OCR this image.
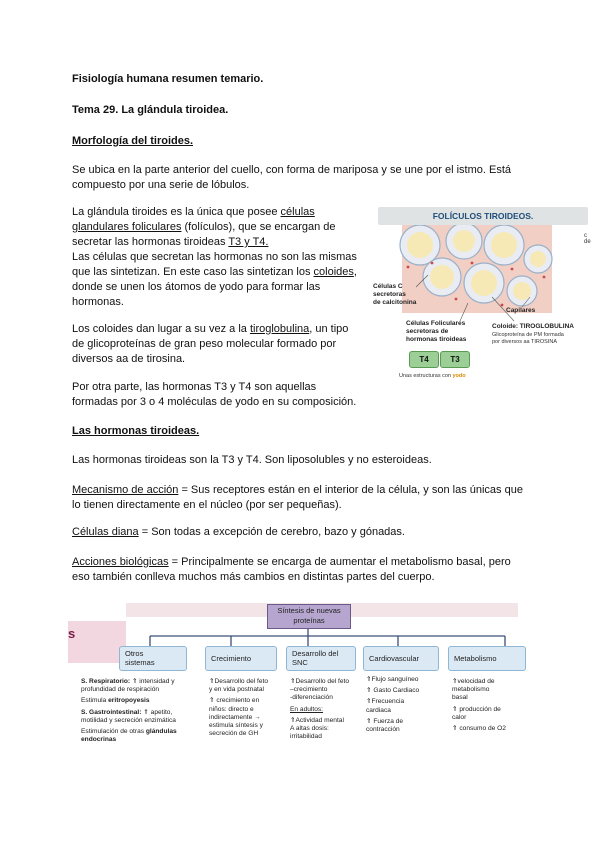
Fisiología humana resumen temario.
Tema 29. La glándula tiroidea.
Morfología del tiroides.
Se ubica en la parte anterior del cuello, con forma de mariposa y se une por el istmo. Está
compuesto por una serie de lóbulos.
La glándula tiroides es la única que posee células
glandulares foliculares (folículos), que se encargan de
secretar las hormonas tiroideas T3 y T4.
Las células que secretan las hormonas no son las mismas
que las sintetizan. En este caso las sintetizan los coloides,
donde se unen los átomos de yodo para formar las
hormonas.
Los coloides dan lugar a su vez a la tiroglobulina, un tipo
de glicoproteínas de gran peso molecular formado por
diversos aa de tirosina.
Por otra parte, las hormonas T3 y T4 son aquellas
formadas por 3 o 4 moléculas de yodo en su composición.
FOLÍCULOS TIROIDEOS.
Células C
secretoras
de calcitonina
Capilares
Células Foliculares
secretoras de
hormonas tiroideas
Coloide: TIROGLOBULINA
Glicoproteína de PM formada
por diversos aa TIROSINA
T4	T3
Unas estructuras con yodo
c
de
Las hormonas tiroideas.
Las hormonas tiroideas son la T3 y T4. Son liposolubles y no esteroideas.
Mecanismo de acción = Sus receptores están en el interior de la célula, y son las únicas que
lo tienen directamente en el núcleo (por ser pequeñas).
Células diana = Son todas a excepción de cerebro, bazo y gónadas.
Acciones biológicas = Principalmente se encarga de aumentar el metabolismo basal, pero
eso también conlleva muchos más cambios en distintas partes del cuerpo.
s
Síntesis de nuevas
proteínas
Otros
sistemas	Crecimiento
Desarrollo del
SNC	Cardiovascular	Metabolismo
S. Respiratorio: ⇑ intensidad y
profundidad de respiración
Estimula eritropoyesis
S. Gastrointestinal: ⇑ apetito,
motilidad y secreción enzimática
Estimulación de otras glándulas
endocrinas
⇑Desarrollo del feto
y en vida postnatal
⇑ crecimiento en
niños: directo e
indirectamente →
estimula síntesis y
secreción de GH
⇑Desarrollo del feto
–crecimiento
-diferenciación
En adultos:
⇑Actividad mental
A altas dosis:
irritabilidad
⇑Flujo sanguíneo
⇑ Gasto Cardiaco
⇑Frecuencia
cardiaca
⇑ Fuerza de
contracción
⇑velocidad de
metabolismo
basal
⇑ producción de
calor
⇑ consumo de O2
